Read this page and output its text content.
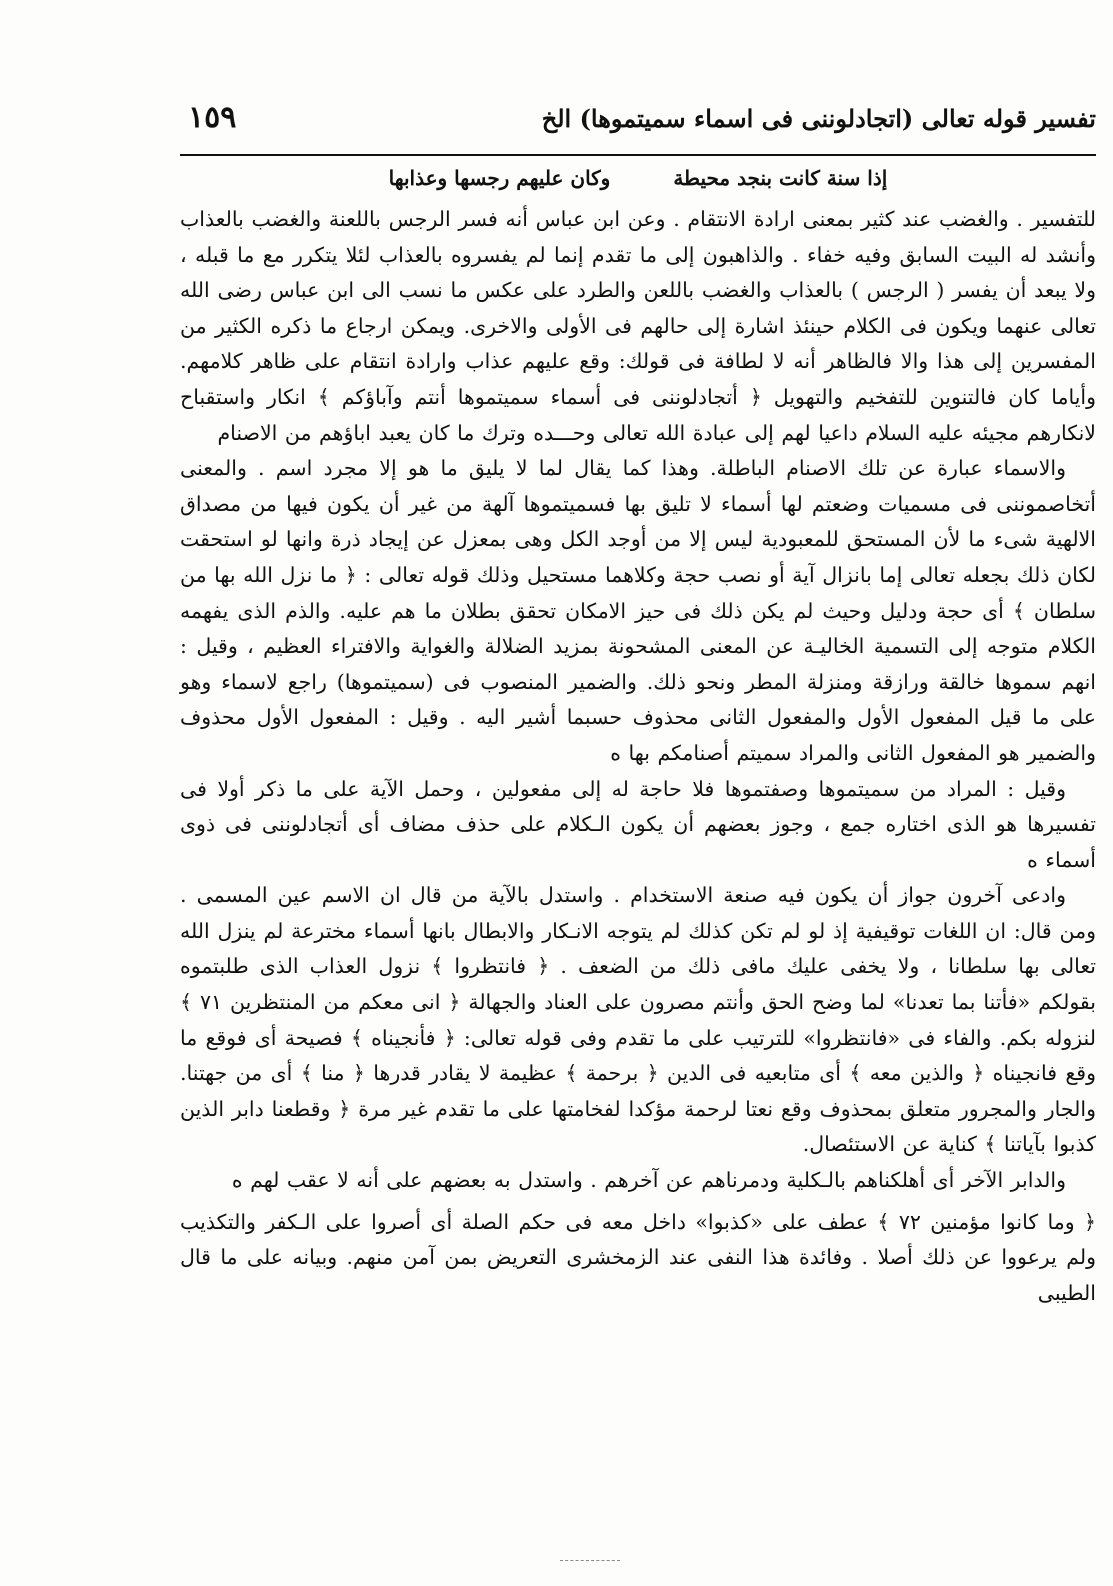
تفسير قوله تعالى (اتجادلوننى فى اسماء سميتموها) الخ
١٥٩
إذا سنة كانت بنجد محيطة وكان عليهم رجسها وعذابها

للتفسير . والغضب عند كثير بمعنى ارادة الانتقام . وعن ابن عباس أنه فسر الرجس باللعنة والغضب بالعذاب وأنشد له البيت السابق وفيه خفاء . والذاهبون إلى ما تقدم إنما لم يفسروه بالعذاب لئلا يتكرر مع ما قبله ، ولا يبعد أن يفسر ( الرجس ) بالعذاب والغضب باللعن والطرد على عكس ما نسب الى ابن عباس رضى الله تعالى عنهما ويكون فى الكلام حينئذ اشارة إلى حالهم فى الأولى والاخرى. ويمكن ارجاع ما ذكره الكثير من المفسرين إلى هذا والا فالظاهر أنه لا لطافة فى قولك: وقع عليهم عذاب وارادة انتقام على ظاهر كلامهم. وأياما كان فالتنوين للتفخيم والتهويل ﴿ أتجادلوننى فى أسماء سميتموها أنتم وآباؤكم ﴾ انكار واستقباح لانكارهم مجيئه عليه السلام داعيا لهم إلى عبادة الله تعالى وحـــده وترك ما كان يعبد اباؤهم من الاصنام

والاسماء عبارة عن تلك الاصنام الباطلة. وهذا كما يقال لما لا يليق ما هو إلا مجرد اسم . والمعنى أتخاصموننى فى مسميات وضعتم لها أسماء لا تليق بها فسميتموها آلهة من غير أن يكون فيها من مصداق الالهية شىء ما لأن المستحق للمعبودية ليس إلا من أوجد الكل وهى بمعزل عن إيجاد ذرة وانها لو استحقت لكان ذلك بجعله تعالى إما بانزال آية أو نصب حجة وكلاهما مستحيل وذلك قوله تعالى : ﴿ ما نزل الله بها من سلطان ﴾ أى حجة ودليل وحيث لم يكن ذلك فى حيز الامكان تحقق بطلان ما هم عليه. والذم الذى يفهمه الكلام متوجه إلى التسمية الخاليـة عن المعنى المشحونة بمزيد الضلالة والغواية والافتراء العظيم ، وقيل : انهم سموها خالقة ورازقة ومنزلة المطر ونحو ذلك. والضمير المنصوب فى (سميتموها) راجع لاسماء وهو على ما قيل المفعول الأول والمفعول الثانى محذوف حسبما أشير اليه . وقيل : المفعول الأول محذوف والضمير هو المفعول الثانى والمراد سميتم أصنامكم بها ه

وقيل : المراد من سميتموها وصفتموها فلا حاجة له إلى مفعولين ، وحمل الآية على ما ذكر أولا فى تفسيرها هو الذى اختاره جمع ، وجوز بعضهم أن يكون الـكلام على حذف مضاف أى أتجادلوننى فى ذوى أسماء ه

وادعى آخرون جواز أن يكون فيه صنعة الاستخدام . واستدل بالآية من قال ان الاسم عين المسمى . ومن قال: ان اللغات توقيفية إذ لو لم تكن كذلك لم يتوجه الانـكار والابطال بانها أسماء مخترعة لم ينزل الله تعالى بها سلطانا ، ولا يخفى عليك مافى ذلك من الضعف . ﴿ فانتظروا ﴾ نزول العذاب الذى طلبتموه بقولكم «فأتنا بما تعدنا» لما وضح الحق وأنتم مصرون على العناد والجهالة ﴿ انى معكم من المنتظرين ٧١ ﴾ لنزوله بكم. والفاء فى «فانتظروا» للترتيب على ما تقدم وفى قوله تعالى: ﴿ فأنجيناه ﴾ فصيحة أى فوقع ما وقع فانجيناه ﴿ والذين معه ﴾ أى متابعيه فى الدين ﴿ برحمة ﴾ عظيمة لا يقادر قدرها ﴿ منا ﴾ أى من جهتنا. والجار والمجرور متعلق بمحذوف وقع نعتا لرحمة مؤكدا لفخامتها على ما تقدم غير مرة ﴿ وقطعنا دابر الذين كذبوا بآياتنا ﴾ كناية عن الاستئصال.

والدابر الآخر أى أهلكناهم بالـكلية ودمرناهم عن آخرهم . واستدل به بعضهم على أنه لا عقب لهم ه

﴿ وما كانوا مؤمنين ٧٢ ﴾ عطف على «كذبوا» داخل معه فى حكم الصلة أى أصروا على الـكفر والتكذيب ولم يرعووا عن ذلك أصلا . وفائدة هذا النفى عند الزمخشرى التعريض بمن آمن منهم. وبيانه على ما قال الطيبى
